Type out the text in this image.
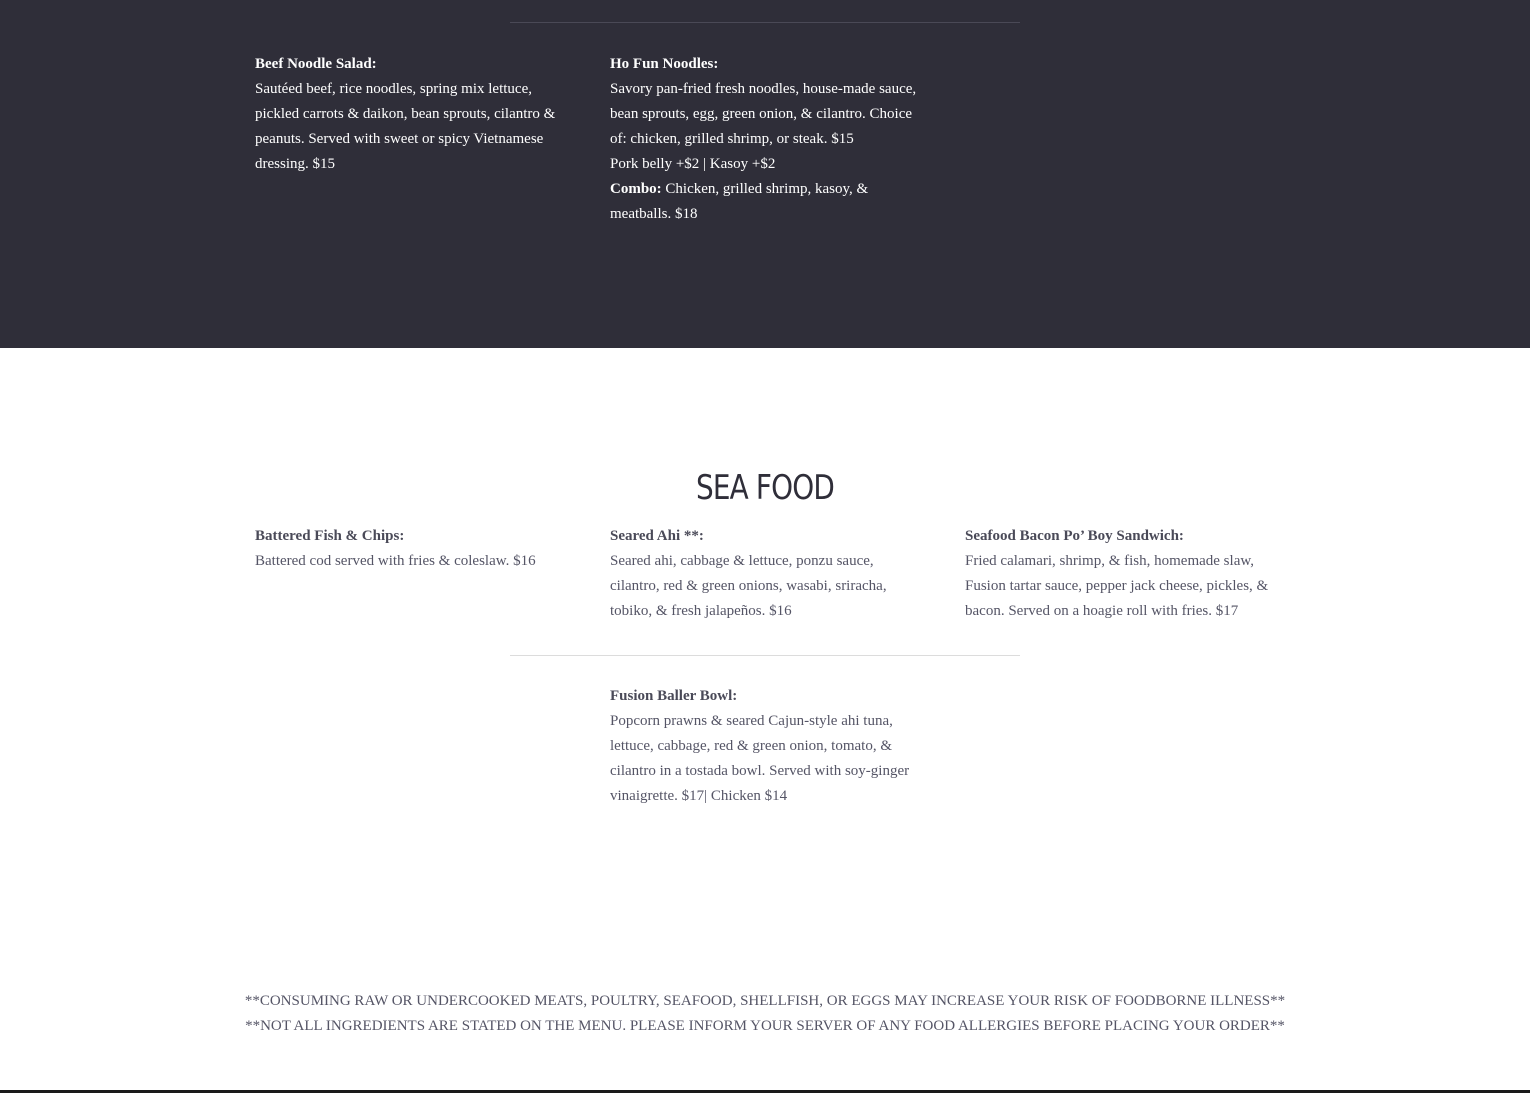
Beef Noodle Salad:

Sautéed beef, rice noodles, spring mix lettuce, pickled carrots & daikon, bean sprouts, cilantro & peanuts. Served with sweet or spicy Vietnamese dressing. $15

Ho Fun Noodles:

Savory pan-fried fresh noodles, house-made sauce, bean sprouts, egg, green onion, & cilantro. Choice of: chicken, grilled shrimp, or steak. $15

Pork belly +$2 | Kasoy +$2

Combo: Chicken, grilled shrimp, kasoy, & meatballs. $18

SEA FOOD
Battered Fish & Chips:

Battered cod served with fries & coleslaw. $16

Seared Ahi **:

Seared ahi, cabbage & lettuce, ponzu sauce, cilantro, red & green onions, wasabi, sriracha, tobiko, & fresh jalapeños. $16

Seafood Bacon Po’ Boy Sandwich:

Fried calamari, shrimp, & fish, homemade slaw, Fusion tartar sauce, pepper jack cheese, pickles, & bacon. Served on a hoagie roll with fries. $17

Fusion Baller Bowl:

Popcorn prawns & seared Cajun-style ahi tuna, lettuce, cabbage, red & green onion, tomato, & cilantro in a tostada bowl. Served with soy-ginger vinaigrette. $17| Chicken $14

**CONSUMING RAW OR UNDERCOOKED MEATS, POULTRY, SEAFOOD, SHELLFISH, OR EGGS MAY INCREASE YOUR RISK OF FOODBORNE ILLNESS**
**NOT ALL INGREDIENTS ARE STATED ON THE MENU. PLEASE INFORM YOUR SERVER OF ANY FOOD ALLERGIES BEFORE PLACING YOUR ORDER**
